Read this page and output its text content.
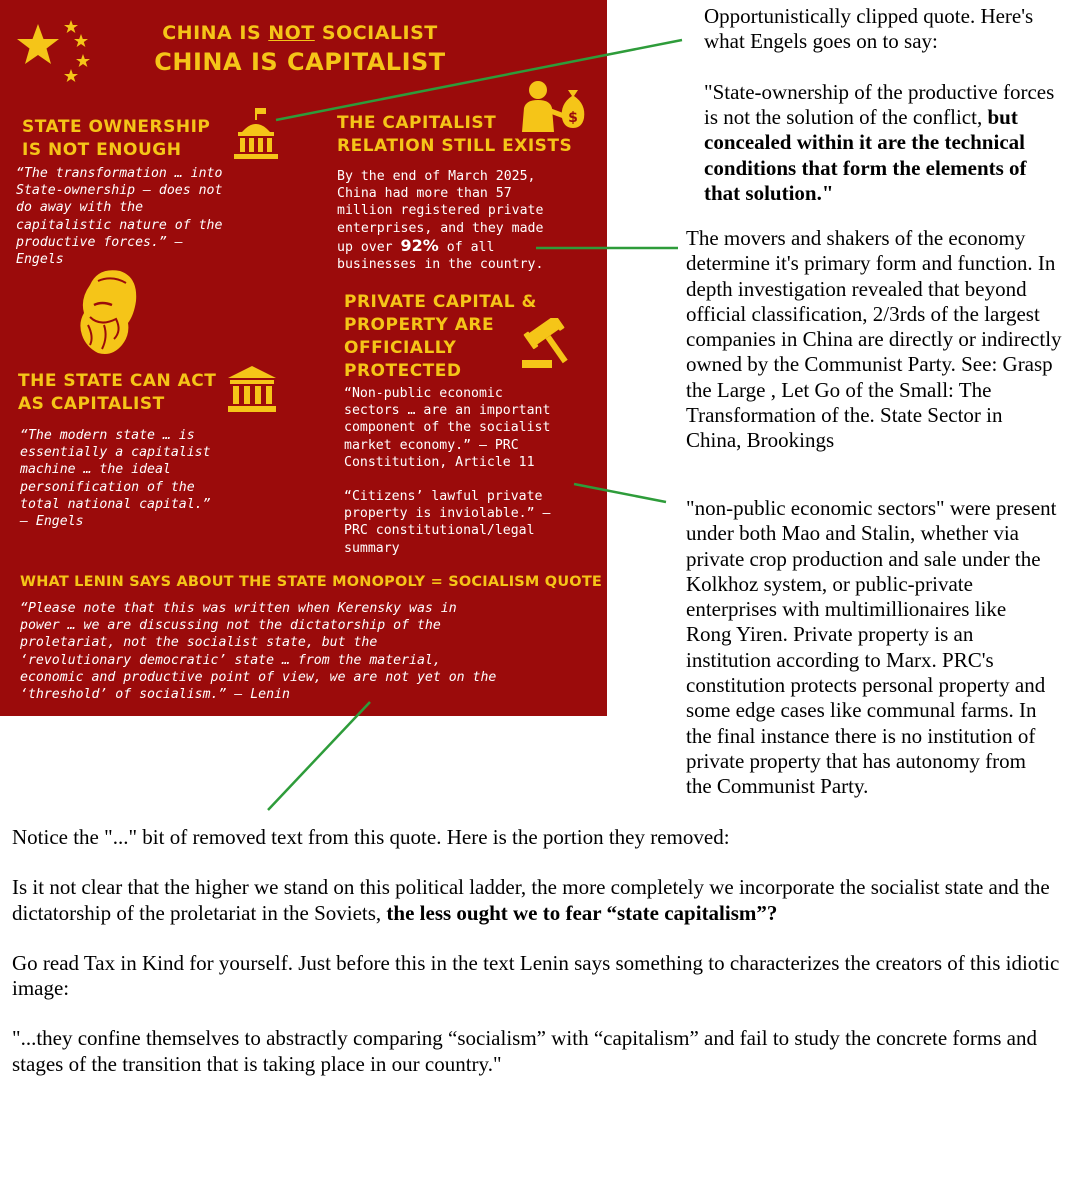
CHINA IS NOT SOCIALIST
CHINA IS CAPITALIST
STATE OWNERSHIP
IS NOT ENOUGH
“The transformation … into
State-ownership — does not
do away with the
capitalistic nature of the
productive forces.” —
Engels
THE STATE CAN ACT
AS CAPITALIST
“The modern state … is
essentially a capitalist
machine … the ideal
personification of the
total national capital.”
— Engels
$
THE CAPITALIST
RELATION STILL EXISTS
By the end of March 2025,
China had more than 57
million registered private
enterprises, and they made
up over 92% of all
businesses in the country.
PRIVATE CAPITAL &
PROPERTY ARE
OFFICIALLY
PROTECTED
“Non-public economic
sectors … are an important
component of the socialist
market economy.” — PRC
Constitution, Article 11
“Citizens’ lawful private
property is inviolable.” —
PRC constitutional/legal
summary
WHAT LENIN SAYS ABOUT THE STATE MONOPOLY = SOCIALISM QUOTE
“Please note that this was written when Kerensky was in
power … we are discussing not the dictatorship of the
proletariat, not the socialist state, but the
‘revolutionary democratic’ state … from the material,
economic and productive point of view, we are not yet on the
‘threshold’ of socialism.” — Lenin
Opportunistically clipped quote. Here's
what Engels goes on to say:

"State-ownership of the productive forces
is not the solution of the conflict, but
concealed within it are the technical
conditions that form the elements of
that solution."
The movers and shakers of the economy
determine it's primary form and function. In
depth investigation revealed that beyond
official classification, 2/3rds of the largest
companies in China are directly or indirectly
owned by the Communist Party. See: Grasp
the Large , Let Go of the Small: The
Transformation of the. State Sector in
China, Brookings
"non-public economic sectors" were present
under both Mao and Stalin, whether via
private crop production and sale under the
Kolkhoz system, or public-private
enterprises with multimillionaires like
Rong Yiren. Private property is an
institution according to Marx. PRC's
constitution protects personal property and
some edge cases like communal farms. In
the final instance there is no institution of
private property that has autonomy from
the Communist Party.

Notice the "..." bit of removed text from this quote. Here is the portion they removed:

Is it not clear that the higher we stand on this political ladder, the more completely we incorporate the socialist state and the dictatorship of the proletariat in the Soviets, the less ought we to fear “state capitalism”?

Go read Tax in Kind for yourself. Just before this in the text Lenin says something to characterizes the creators of this idiotic image:

"...they confine themselves to abstractly comparing “socialism” with “capitalism” and fail to study the concrete forms and stages of the transition that is taking place in our country."
